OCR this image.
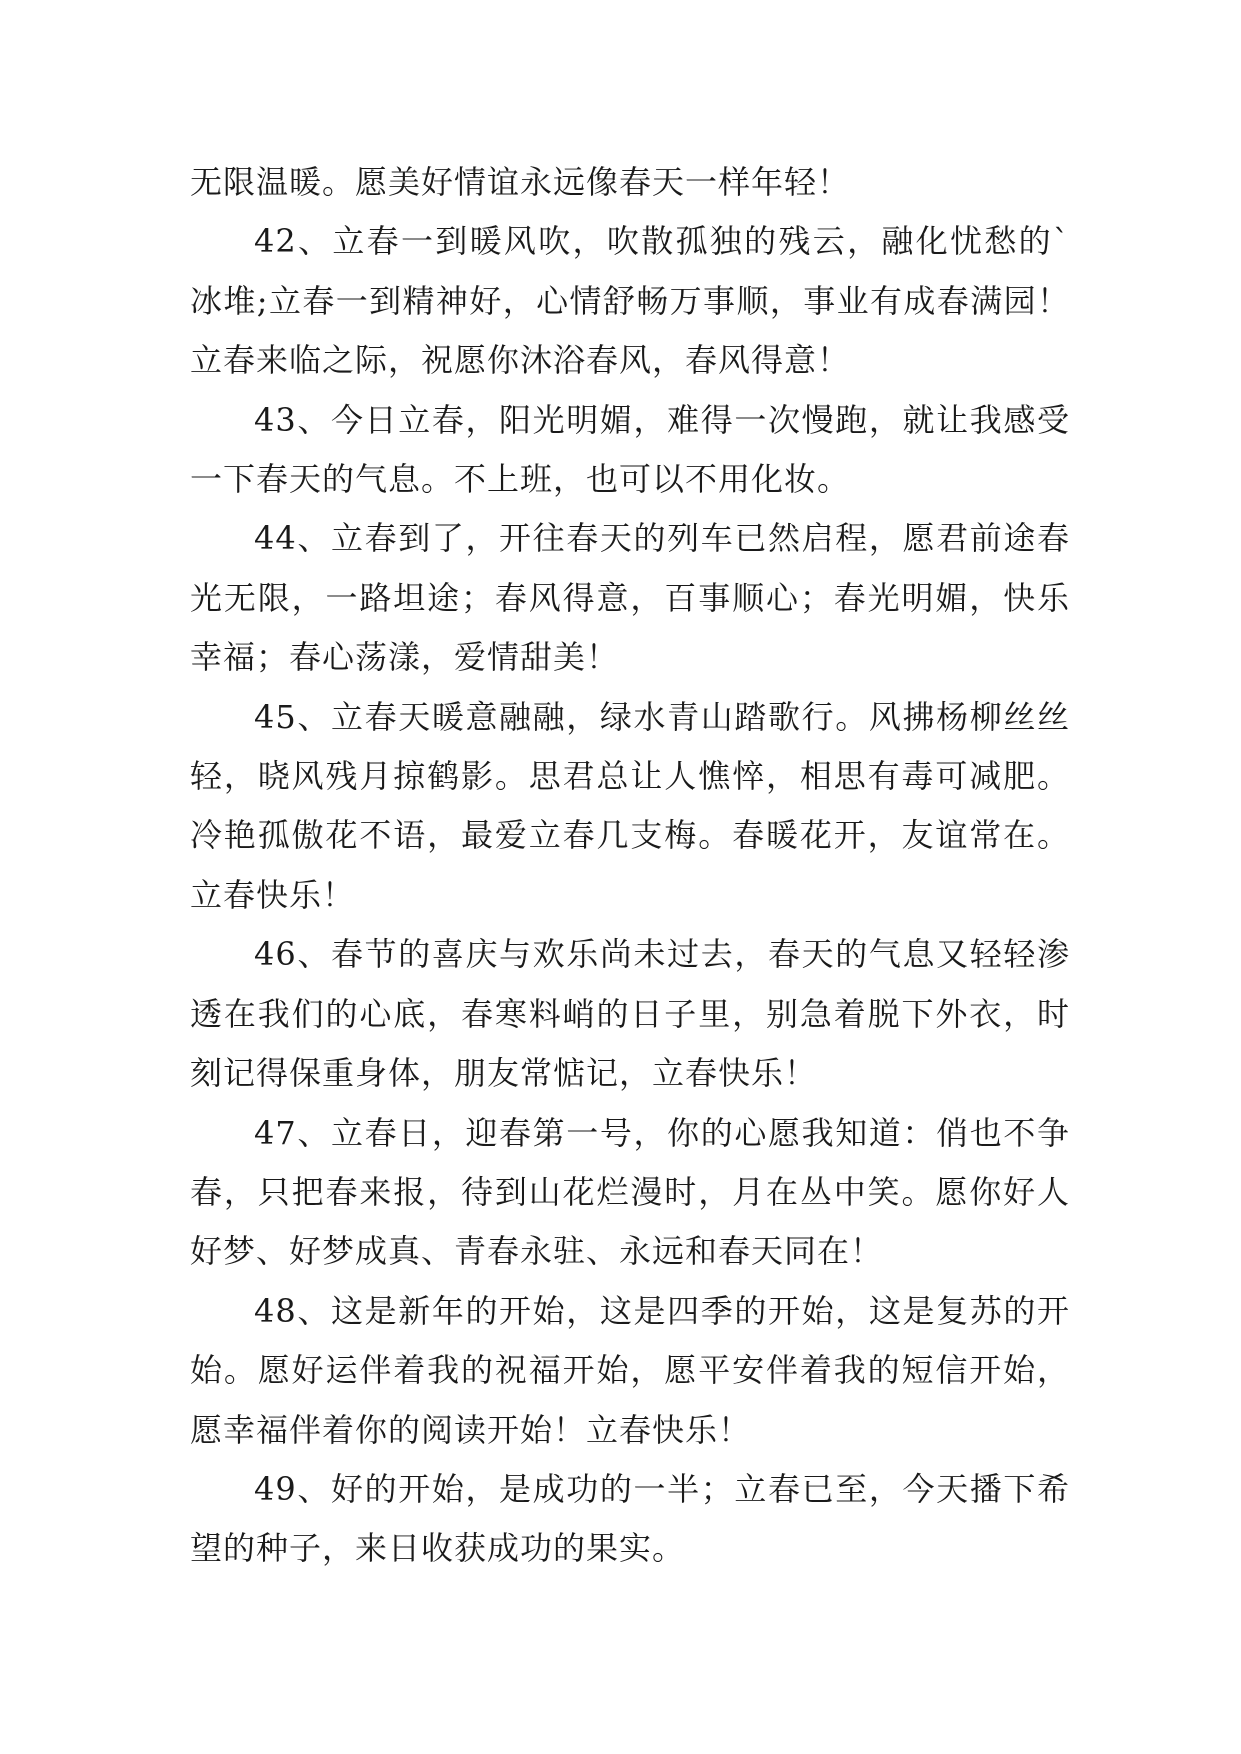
无限温暖。愿美好情谊永远像春天一样年轻！

42、立春一到暖风吹，吹散孤独的残云，融化忧愁的`冰堆;立春一到精神好，心情舒畅万事顺，事业有成春满园！立春来临之际，祝愿你沐浴春风，春风得意！

43、今日立春，阳光明媚，难得一次慢跑，就让我感受一下春天的气息。不上班，也可以不用化妆。

44、立春到了，开往春天的列车已然启程，愿君前途春光无限，一路坦途；春风得意，百事顺心；春光明媚，快乐幸福；春心荡漾，爱情甜美！

45、立春天暖意融融，绿水青山踏歌行。风拂杨柳丝丝轻，晓风残月掠鹤影。思君总让人憔悴，相思有毒可减肥。冷艳孤傲花不语，最爱立春几支梅。春暖花开，友谊常在。立春快乐！

46、春节的喜庆与欢乐尚未过去，春天的气息又轻轻渗透在我们的心底，春寒料峭的日子里，别急着脱下外衣，时刻记得保重身体，朋友常惦记，立春快乐！

47、立春日，迎春第一号，你的心愿我知道：俏也不争春，只把春来报，待到山花烂漫时，月在丛中笑。愿你好人好梦、好梦成真、青春永驻、永远和春天同在！

48、这是新年的开始，这是四季的开始，这是复苏的开始。愿好运伴着我的祝福开始，愿平安伴着我的短信开始，愿幸福伴着你的阅读开始！立春快乐！

49、好的开始，是成功的一半；立春已至，今天播下希望的种子，来日收获成功的果实。
